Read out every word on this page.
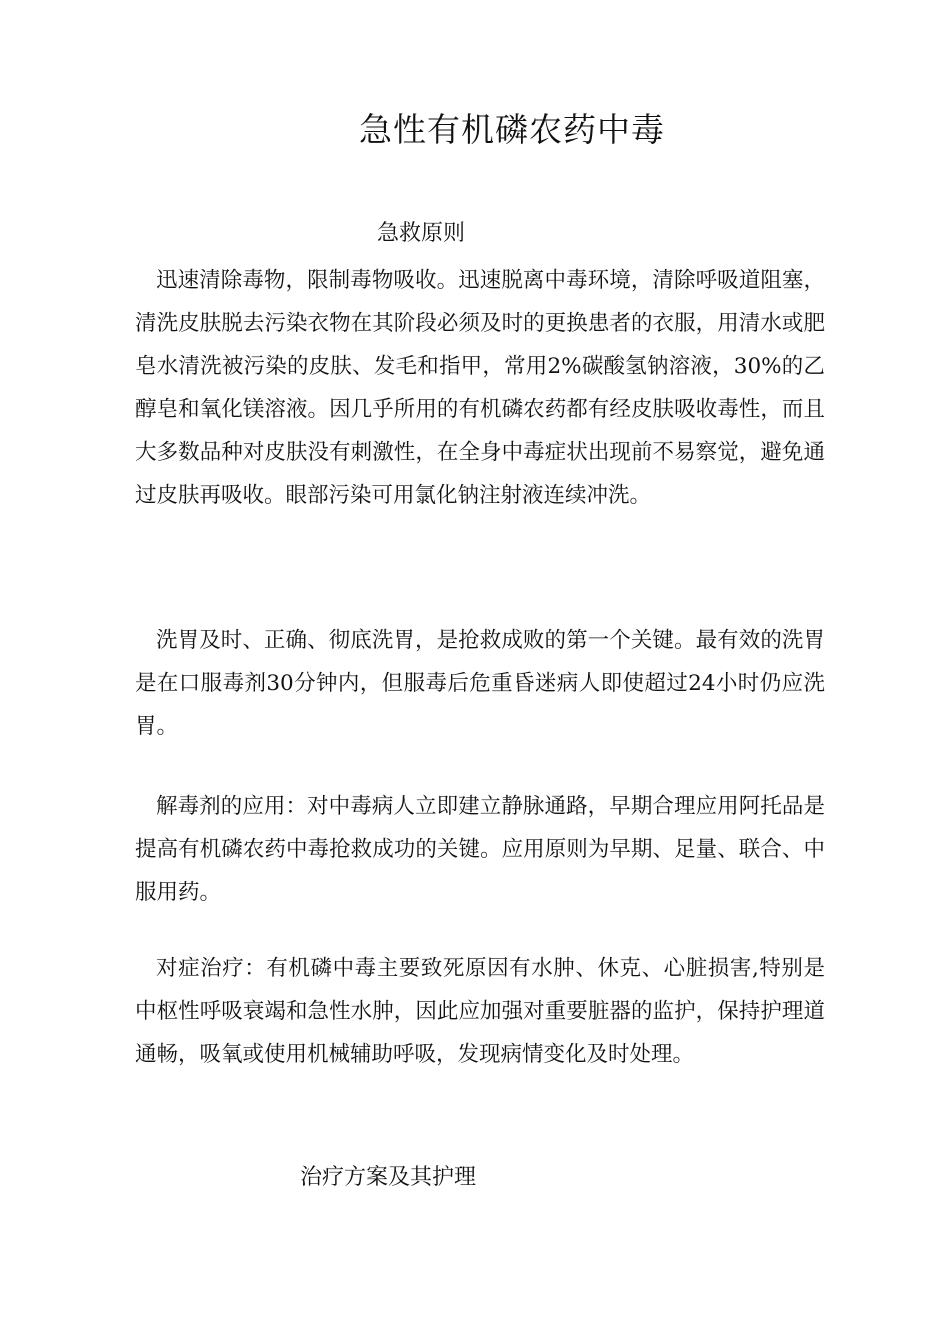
急性有机磷农药中毒
急救原则

迅速清除毒物，限制毒物吸收。迅速脱离中毒环境，清除呼吸道阻塞，清洗皮肤脱去污染衣物在其阶段必须及时的更换患者的衣服，用清水或肥皂水清洗被污染的皮肤、发毛和指甲，常用2%碳酸氢钠溶液，30%的乙醇皂和氧化镁溶液。因几乎所用的有机磷农药都有经皮肤吸收毒性，而且大多数品种对皮肤没有刺激性，在全身中毒症状出现前不易察觉，避免通过皮肤再吸收。眼部污染可用氯化钠注射液连续冲洗。

洗胃及时、正确、彻底洗胃，是抢救成败的第一个关键。最有效的洗胃是在口服毒剂30分钟内，但服毒后危重昏迷病人即使超过24小时仍应洗胃。

解毒剂的应用：对中毒病人立即建立静脉通路，早期合理应用阿托品是提高有机磷农药中毒抢救成功的关键。应用原则为早期、足量、联合、中服用药。

对症治疗：有机磷中毒主要致死原因有水肿、休克、心脏损害,特别是中枢性呼吸衰竭和急性水肿，因此应加强对重要脏器的监护，保持护理道通畅，吸氧或使用机械辅助呼吸，发现病情变化及时处理。

治疗方案及其护理
